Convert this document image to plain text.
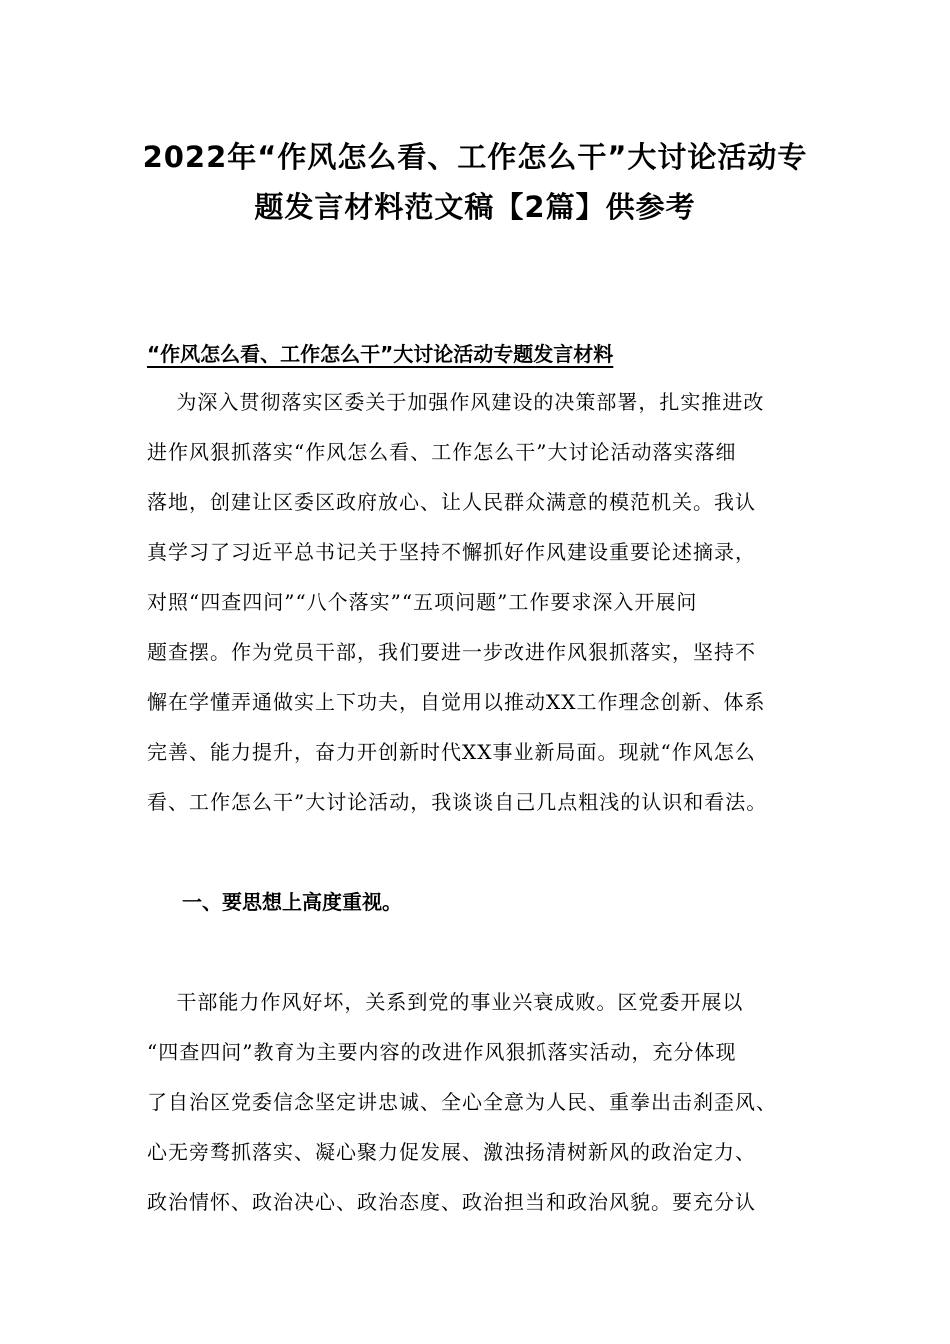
2022年“作风怎么看、工作怎么干”大讨论活动专
题发言材料范文稿【2篇】供参考
“作风怎么看、工作怎么干”大讨论活动专题发言材料
为深入贯彻落实区委关于加强作风建设的决策部署，扎实推进改
进作风狠抓落实“作风怎么看、工作怎么干”大讨论活动落实落细
落地，创建让区委区政府放心、让人民群众满意的模范机关。我认
真学习了习近平总书记关于坚持不懈抓好作风建设重要论述摘录，
对照“四查四问”“八个落实”“五项问题”工作要求深入开展问
题查摆。作为党员干部，我们要进一步改进作风狠抓落实，坚持不
懈在学懂弄通做实上下功夫，自觉用以推动XX工作理念创新、体系
完善、能力提升，奋力开创新时代XX事业新局面。现就“作风怎么
看、工作怎么干”大讨论活动，我谈谈自己几点粗浅的认识和看法。
一、要思想上高度重视。
干部能力作风好坏，关系到党的事业兴衰成败。区党委开展以
“四查四问”教育为主要内容的改进作风狠抓落实活动，充分体现
了自治区党委信念坚定讲忠诚、全心全意为人民、重拳出击刹歪风、
心无旁骛抓落实、凝心聚力促发展、激浊扬清树新风的政治定力、
政治情怀、政治决心、政治态度、政治担当和政治风貌。要充分认
